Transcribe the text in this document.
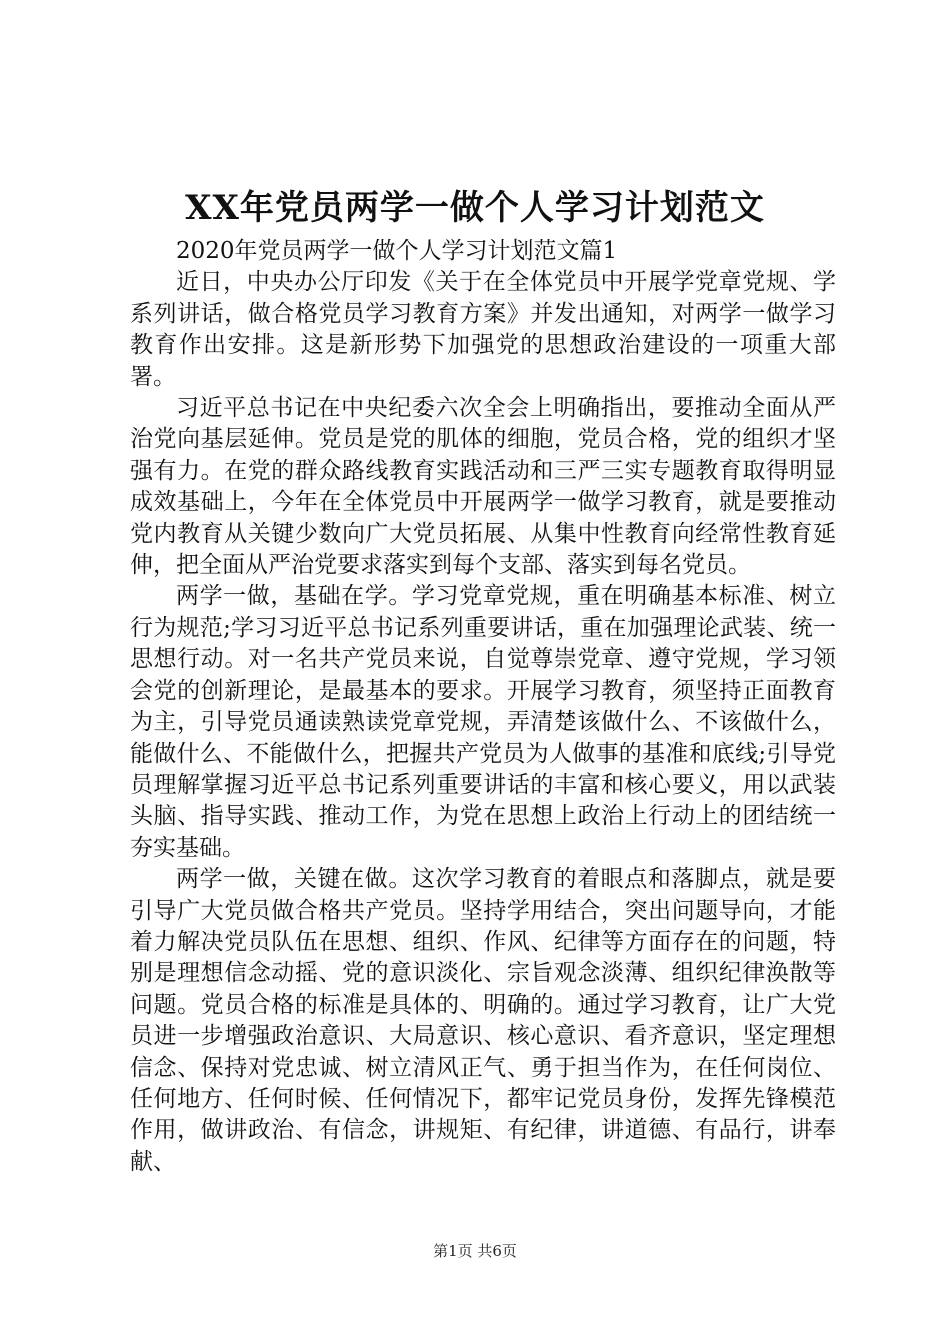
XX年党员两学一做个人学习计划范文

2020年党员两学一做个人学习计划范文篇1

近日，中央办公厅印发《关于在全体党员中开展学党章党规、学系列讲话，做合格党员学习教育方案》并发出通知，对两学一做学习教育作出安排。这是新形势下加强党的思想政治建设的一项重大部署。

习近平总书记在中央纪委六次全会上明确指出，要推动全面从严治党向基层延伸。党员是党的肌体的细胞，党员合格，党的组织才坚强有力。在党的群众路线教育实践活动和三严三实专题教育取得明显成效基础上，今年在全体党员中开展两学一做学习教育，就是要推动党内教育从关键少数向广大党员拓展、从集中性教育向经常性教育延伸，把全面从严治党要求落实到每个支部、落实到每名党员。

两学一做，基础在学。学习党章党规，重在明确基本标准、树立行为规范;学习习近平总书记系列重要讲话，重在加强理论武装、统一思想行动。对一名共产党员来说，自觉尊崇党章、遵守党规，学习领会党的创新理论，是最基本的要求。开展学习教育，须坚持正面教育为主，引导党员通读熟读党章党规，弄清楚该做什么、不该做什么，能做什么、不能做什么，把握共产党员为人做事的基准和底线;引导党员理解掌握习近平总书记系列重要讲话的丰富和核心要义，用以武装头脑、指导实践、推动工作，为党在思想上政治上行动上的团结统一夯实基础。

两学一做，关键在做。这次学习教育的着眼点和落脚点，就是要引导广大党员做合格共产党员。坚持学用结合，突出问题导向，才能着力解决党员队伍在思想、组织、作风、纪律等方面存在的问题，特别是理想信念动摇、党的意识淡化、宗旨观念淡薄、组织纪律涣散等问题。党员合格的标准是具体的、明确的。通过学习教育，让广大党员进一步增强政治意识、大局意识、核心意识、看齐意识，坚定理想信念、保持对党忠诚、树立清风正气、勇于担当作为，在任何岗位、任何地方、任何时候、任何情况下，都牢记党员身份，发挥先锋模范作用，做讲政治、有信念，讲规矩、有纪律，讲道德、有品行，讲奉献、

第1页 共6页
